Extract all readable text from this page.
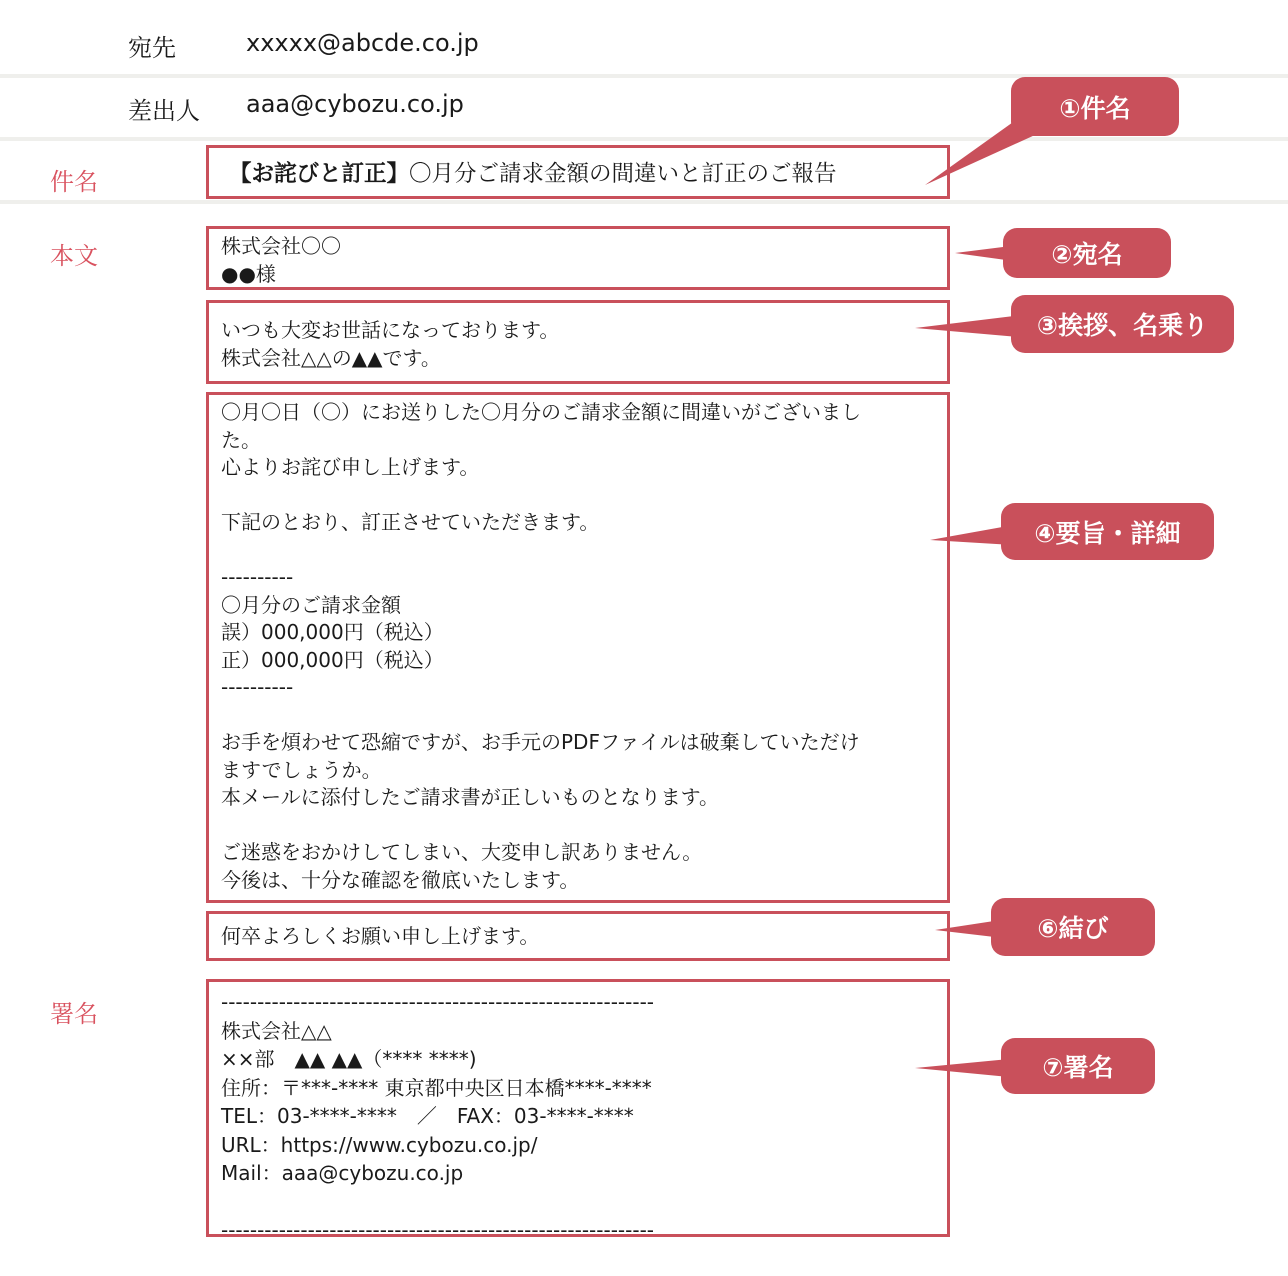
宛先	xxxxx@abcde.co.jp
差出人 aaa@cybozu.co.jp
件名
本文
署名
【お詫びと訂正】〇月分ご請求金額の間違いと訂正のご報告
株式会社〇〇
●●様
いつも大変お世話になっております。
株式会社△△の▲▲です。
〇月〇日（〇）にお送りした〇月分のご請求金額に間違いがございまし
た。
心よりお詫び申し上げます。

下記のとおり、訂正させていただきます。

----------
〇月分のご請求金額
誤）000,000円（税込）
正）000,000円（税込）
----------

お手を煩わせて恐縮ですが、お手元のPDFファイルは破棄していただけ
ますでしょうか。
本メールに添付したご請求書が正しいものとなります。

ご迷惑をおかけしてしまい、大変申し訳ありません。
今後は、十分な確認を徹底いたします。
何卒よろしくお願い申し上げます。
------------------------------------------------------------
株式会社△△
××部　▲▲ ▲▲（**** ****)
住所：〒***-**** 東京都中央区日本橋****-****
TEL：03-****-****　／　FAX：03-****-****
URL：https://www.cybozu.co.jp/
Mail：aaa@cybozu.co.jp

------------------------------------------------------------
①件名
②宛名
③挨拶、名乗り
④要旨・詳細
⑥結び
⑦署名
